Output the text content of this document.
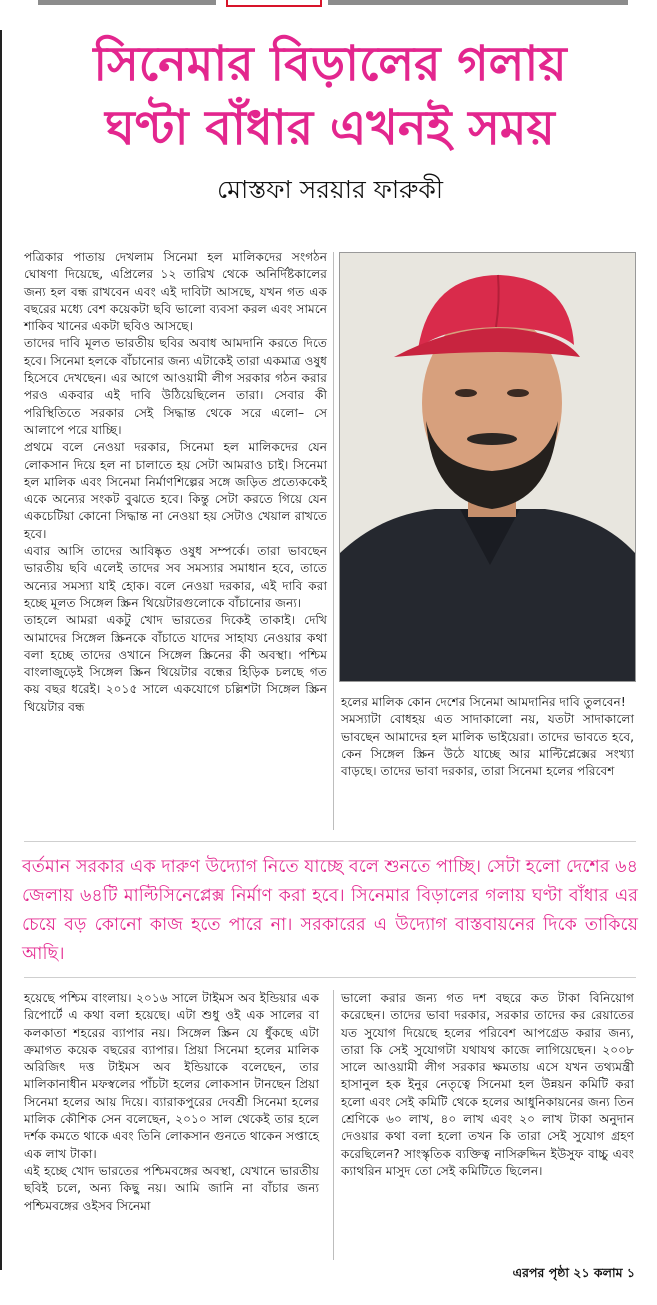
সিনেমার বিড়ালের গলায়
ঘণ্টা বাঁধার এখনই সময়
মোস্তফা সরয়ার ফারুকী

পত্রিকার পাতায় দেখলাম সিনেমা হল মালিকদের সংগঠন ঘোষণা দিয়েছে, এপ্রিলের ১২ তারিখ থেকে অনির্দিষ্টকালের জন্য হল বন্ধ রাখবেন এবং এই দাবিটা আসছে, যখন গত এক বছরের মধ্যে বেশ কয়েকটা ছবি ভালো ব্যবসা করল এবং সামনে শাকিব খানের একটা ছবিও আসছে।

তাদের দাবি মূলত ভারতীয় ছবির অবাধ আমদানি করতে দিতে হবে। সিনেমা হলকে বাঁচানোর জন্য এটাকেই তারা একমাত্র ওষুধ হিসেবে দেখছেন। এর আগে আওয়ামী লীগ সরকার গঠন করার পরও একবার এই দাবি উঠিয়েছিলেন তারা। সেবার কী পরিস্থিতিতে সরকার সেই সিদ্ধান্ত থেকে সরে এলো– সে আলাপে পরে যাচ্ছি।

প্রথমে বলে নেওয়া দরকার, সিনেমা হল মালিকদের যেন লোকসান দিয়ে হল না চালাতে হয় সেটা আমরাও চাই। সিনেমা হল মালিক এবং সিনেমা নির্মাণশিল্পের সঙ্গে জড়িত প্রত্যেককেই একে অন্যের সংকট বুঝতে হবে। কিন্তু সেটা করতে গিয়ে যেন একচেটিয়া কোনো সিদ্ধান্ত না নেওয়া হয় সেটাও খেয়াল রাখতে হবে।

এবার আসি তাদের আবিষ্কৃত ওষুধ সম্পর্কে। তারা ভাবছেন ভারতীয় ছবি এলেই তাদের সব সমস্যার সমাধান হবে, তাতে অন্যের সমস্যা যাই হোক। বলে নেওয়া দরকার, এই দাবি করা হচ্ছে মূলত সিঙ্গেল স্ক্রিন থিয়েটারগুলোকে বাঁচানোর জন্য।

তাহলে আমরা একটু খোদ ভারতের দিকেই তাকাই। দেখি আমাদের সিঙ্গেল স্ক্রিনকে বাঁচাতে যাদের সাহায্য নেওয়ার কথা বলা হচ্ছে তাদের ওখানে সিঙ্গেল স্ক্রিনের কী অবস্থা। পশ্চিম বাংলাজুড়েই সিঙ্গেল স্ক্রিন থিয়েটার বন্ধের হিড়িক চলছে গত কয় বছর ধরেই। ২০১৫ সালে একযোগে চল্লিশটা সিঙ্গেল স্ক্রিন থিয়েটার বন্ধ	হলের মালিক কোন দেশের সিনেমা আমদানির দাবি তুলবেন!

সমস্যাটা বোধহয় এত সাদাকালো নয়, যতটা সাদাকালো ভাবছেন আমাদের হল মালিক ভাইয়েরা। তাদের ভাবতে হবে, কেন সিঙ্গেল স্ক্রিন উঠে যাচ্ছে আর মাল্টিপ্লেক্সের সংখ্যা বাড়ছে। তাদের ভাবা দরকার, তারা সিনেমা হলের পরিবেশ

বর্তমান সরকার এক দারুণ উদ্যোগ নিতে যাচ্ছে বলে শুনতে পাচ্ছি। সেটা হলো দেশের ৬৪ জেলায় ৬৪টি মাল্টিসিনেপ্লেক্স নির্মাণ করা হবে। সিনেমার বিড়ালের গলায় ঘণ্টা বাঁধার এর চেয়ে বড় কোনো কাজ হতে পারে না। সরকারের এ উদ্যোগ বাস্তবায়নের দিকে তাকিয়ে আছি।

হয়েছে পশ্চিম বাংলায়। ২০১৬ সালে টাইমস অব ইন্ডিয়ার এক রিপোর্টে এ কথা বলা হয়েছে। এটা শুধু ওই এক সালের বা কলকাতা শহরের ব্যাপার নয়। সিঙ্গেল স্ক্রিন যে ধুঁকছে এটা ক্রমাগত কয়েক বছরের ব্যাপার। প্রিয়া সিনেমা হলের মালিক অরিজিৎ দত্ত টাইমস অব ইন্ডিয়াকে বলেছেন, তার মালিকানাধীন মফস্বলের পাঁচটা হলের লোকসান টানছেন প্রিয়া সিনেমা হলের আয় দিয়ে। ব্যারাকপুরের দেবশ্রী সিনেমা হলের মালিক কৌশিক সেন বলেছেন, ২০১০ সাল থেকেই তার হলে দর্শক কমতে থাকে এবং তিনি লোকসান গুনতে থাকেন সপ্তাহে এক লাখ টাকা।

এই হচ্ছে খোদ ভারতের পশ্চিমবঙ্গের অবস্থা, যেখানে ভারতীয় ছবিই চলে, অন্য কিছু নয়। আমি জানি না বাঁচার জন্য পশ্চিমবঙ্গের ওইসব সিনেমা

ভালো করার জন্য গত দশ বছরে কত টাকা বিনিয়োগ করেছেন। তাদের ভাবা দরকার, সরকার তাদের কর রেয়াতের যত সুযোগ দিয়েছে হলের পরিবেশ আপগ্রেড করার জন্য, তারা কি সেই সুযোগটা যথাযথ কাজে লাগিয়েছেন। ২০০৮ সালে আওয়ামী লীগ সরকার ক্ষমতায় এসে যখন তথ্যমন্ত্রী হাসানুল হক ইনুর নেতৃত্বে সিনেমা হল উন্নয়ন কমিটি করা হলো এবং সেই কমিটি থেকে হলের আধুনিকায়নের জন্য তিন শ্রেণিকে ৬০ লাখ, ৪০ লাখ এবং ২০ লাখ টাকা অনুদান দেওয়ার কথা বলা হলো তখন কি তারা সেই সুযোগ গ্রহণ করেছিলেন? সাংস্কৃতিক ব্যক্তিত্ব নাসিরুদ্দিন ইউসুফ বাচ্চু এবং ক্যাথরিন মাসুদ তো সেই কমিটিতে ছিলেন।

এরপর পৃষ্ঠা ২১ কলাম ১
